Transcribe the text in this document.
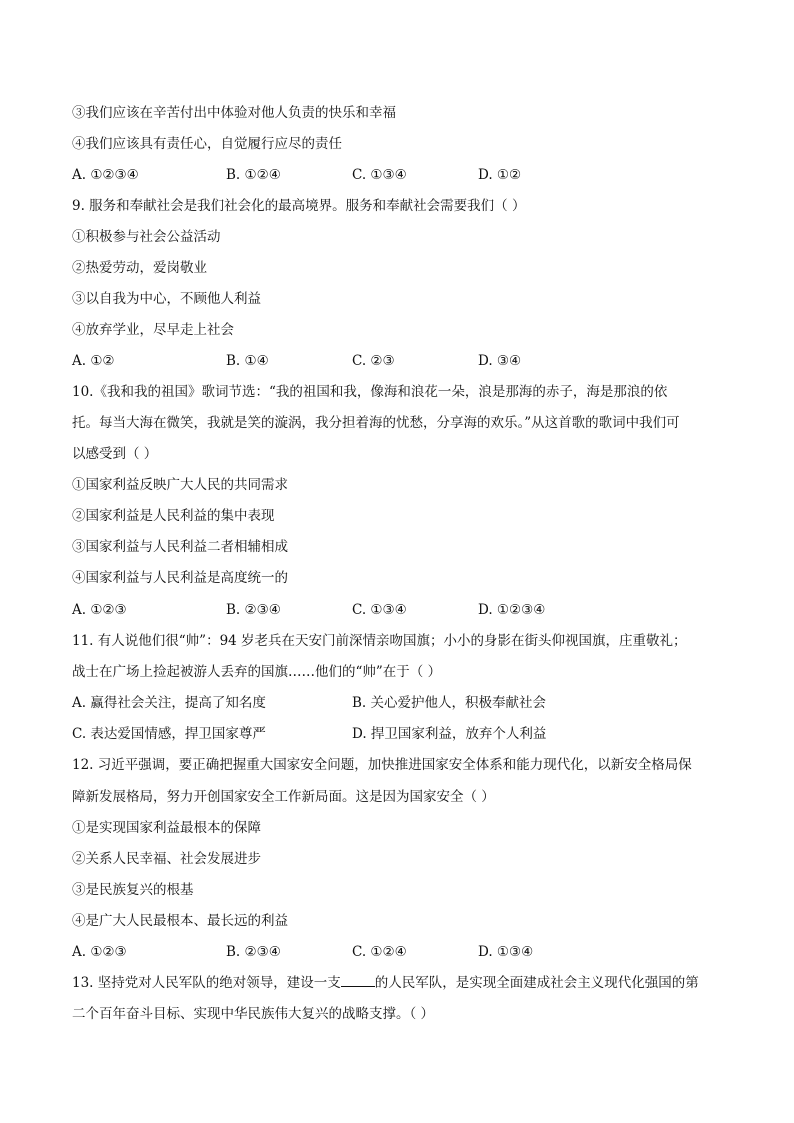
③我们应该在辛苦付出中体验对他人负责的快乐和幸福
④我们应该具有责任心，自觉履行应尽的责任
A. ①②③④	B. ①②④	C. ①③④	D. ①②
9. 服务和奉献社会是我们社会化的最高境界。服务和奉献社会需要我们（ ）
①积极参与社会公益活动
②热爱劳动，爱岗敬业
③以自我为中心，不顾他人利益
④放弃学业，尽早走上社会
A. ①②	B. ①④	C. ②③	D. ③④
10.《我和我的祖国》歌词节选：“我的祖国和我，像海和浪花一朵，浪是那海的赤子，海是那浪的依
托。每当大海在微笑，我就是笑的漩涡，我分担着海的忧愁，分享海的欢乐。”从这首歌的歌词中我们可
以感受到（ ）
①国家利益反映广大人民的共同需求
②国家利益是人民利益的集中表现
③国家利益与人民利益二者相辅相成
④国家利益与人民利益是高度统一的
A. ①②③	B. ②③④	C. ①③④	D. ①②③④
11. 有人说他们很“帅”：94 岁老兵在天安门前深情亲吻国旗；小小的身影在街头仰视国旗，庄重敬礼；
战士在广场上捡起被游人丢弃的国旗……他们的“帅”在于（ ）
A. 赢得社会关注，提高了知名度	B. 关心爱护他人，积极奉献社会
C. 表达爱国情感，捍卫国家尊严	D. 捍卫国家利益，放弃个人利益
12. 习近平强调，要正确把握重大国家安全问题，加快推进国家安全体系和能力现代化，以新安全格局保
障新发展格局，努力开创国家安全工作新局面。这是因为国家安全（ ）
①是实现国家利益最根本的保障
②关系人民幸福、社会发展进步
③是民族复兴的根基
④是广大人民最根本、最长远的利益
A. ①②③	B. ②③④	C. ①②④	D. ①③④
13. 坚持党对人民军队的绝对领导，建设一支	的人民军队，是实现全面建成社会主义现代化强国的第
二个百年奋斗目标、实现中华民族伟大复兴的战略支撑。（ ）
